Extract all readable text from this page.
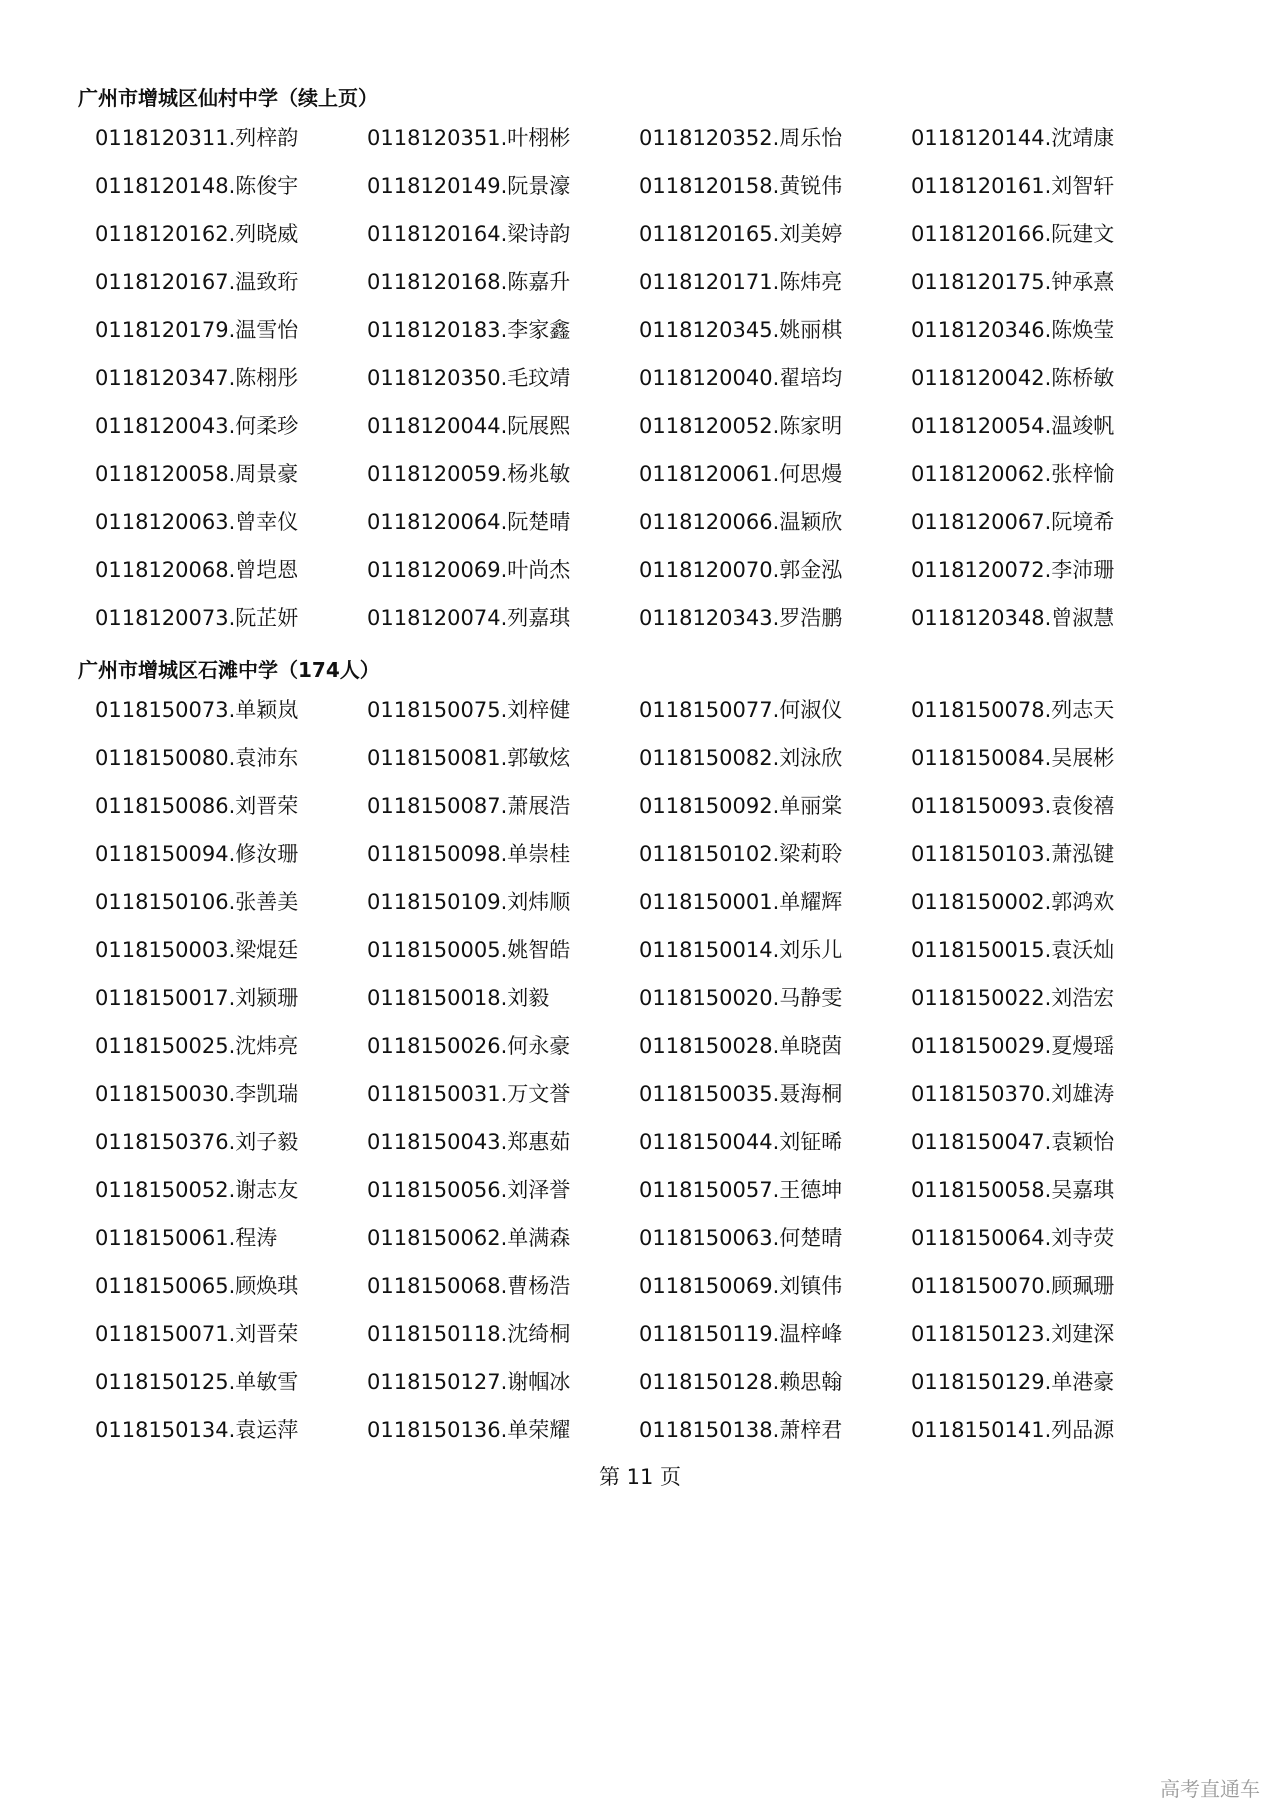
广州市增城区仙村中学（续上页）
0118120311.列梓韵	0118120351.叶栩彬	0118120352.周乐怡	0118120144.沈靖康
0118120148.陈俊宇	0118120149.阮景濠	0118120158.黄锐伟	0118120161.刘智轩
0118120162.列晓威	0118120164.梁诗韵	0118120165.刘美婷	0118120166.阮建文
0118120167.温致珩	0118120168.陈嘉升	0118120171.陈炜亮	0118120175.钟承熹
0118120179.温雪怡	0118120183.李家鑫	0118120345.姚丽棋	0118120346.陈焕莹
0118120347.陈栩彤	0118120350.毛玟靖	0118120040.翟培均	0118120042.陈桥敏
0118120043.何柔珍	0118120044.阮展熙	0118120052.陈家明	0118120054.温竣帆
0118120058.周景豪	0118120059.杨兆敏	0118120061.何思熳	0118120062.张梓愉
0118120063.曾幸仪	0118120064.阮楚晴	0118120066.温颖欣	0118120067.阮境希
0118120068.曾垲恩	0118120069.叶尚杰	0118120070.郭金泓	0118120072.李沛珊
0118120073.阮芷妍	0118120074.列嘉琪	0118120343.罗浩鹏	0118120348.曾淑慧
广州市增城区石滩中学（174人）
0118150073.单颖岚	0118150075.刘梓健	0118150077.何淑仪	0118150078.列志天
0118150080.袁沛东	0118150081.郭敏炫	0118150082.刘泳欣	0118150084.吴展彬
0118150086.刘晋荣	0118150087.萧展浩	0118150092.单丽棠	0118150093.袁俊禧
0118150094.修汝珊	0118150098.单崇桂	0118150102.梁莉聆	0118150103.萧泓键
0118150106.张善美	0118150109.刘炜顺	0118150001.单耀辉	0118150002.郭鸿欢
0118150003.梁焜廷	0118150005.姚智皓	0118150014.刘乐儿	0118150015.袁沃灿
0118150017.刘颍珊	0118150018.刘毅	0118150020.马静雯	0118150022.刘浩宏
0118150025.沈炜亮	0118150026.何永豪	0118150028.单晓茵	0118150029.夏熳瑶
0118150030.李凯瑞	0118150031.万文誉	0118150035.聂海桐	0118150370.刘雄涛
0118150376.刘子毅	0118150043.郑惠茹	0118150044.刘钲晞	0118150047.袁颖怡
0118150052.谢志友	0118150056.刘泽誉	0118150057.王德坤	0118150058.吴嘉琪
0118150061.程涛	0118150062.单满森	0118150063.何楚晴	0118150064.刘寺荧
0118150065.顾焕琪	0118150068.曹杨浩	0118150069.刘镇伟	0118150070.顾珮珊
0118150071.刘晋荣	0118150118.沈绮桐	0118150119.温梓峰	0118150123.刘建深
0118150125.单敏雪	0118150127.谢帼冰	0118150128.赖思翰	0118150129.单港豪
0118150134.袁运萍	0118150136.单荣耀	0118150138.萧梓君	0118150141.列品源
第 11 页
高考直通车
